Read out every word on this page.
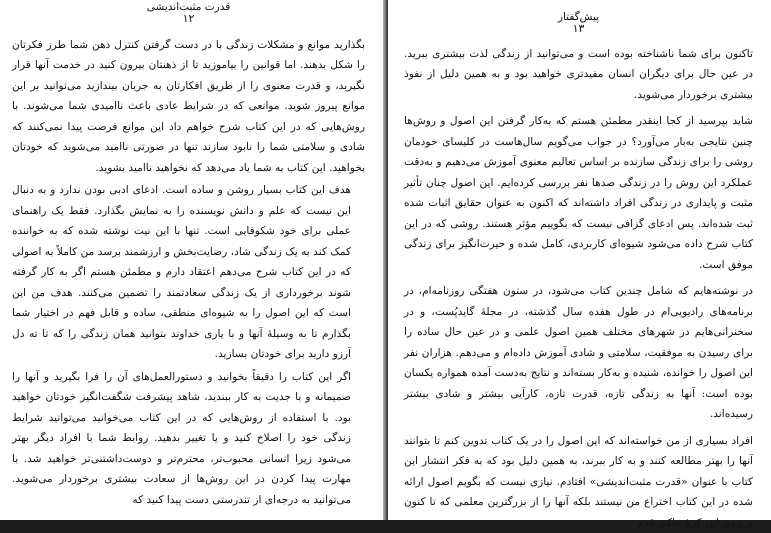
قدرت مثبت‌اندیشی
۱۲

بگذارید موانع و مشکلات زندگی با در دست گرفتن کنترل ذهن شما طرز فکرتان را شکل بدهند. اما قوانین را بیاموزید تا از ذهنتان بیرون کنید در خدمت آنها قرار نگیرید، و قدرت معنوی را از طریق افکارتان به جریان بیندازید می‌توانید بر این موانع پیروز شوید. موانعی که در شرایط عادی باعث ناامیدی شما می‌شوند. با روش‌هایی که در این کتاب شرح خواهم داد این موانع فرصت پیدا نمی‌کنند که شادی و سلامتی شما را نابود سازند تنها در صورتی ناامید می‌شوید که خودتان بخواهید. این کتاب به شما یاد می‌دهد که نخواهید ناامید بشوید.

هدف این کتاب بسیار روشن و ساده است. ادعای ادبی بودن ندارد و به دنبال این نیست که علم و دانش نویسنده را به نمایش بگذارد. فقط یک راهنمای عملی برای خود شکوفایی است. تنها با این نیت نوشته شده که به خواننده کمک کند به یک زندگی شاد، رضایت‌بخش و ارزشمند برسد من کاملاً به اصولی که در این کتاب شرح می‌دهم اعتقاد دارم و مطمئن هستم اگر به کار گرفته شوند برخورداری از یک زندگی سعادتمند را تضمین می‌کنند. هدف من این است که این اصول را به شیوه‌ای منطقی، ساده و قابل فهم در اختیار شما بگذارم تا به وسیلهٔ آنها و با یاری خداوند بتوانید همان زندگی را که تا ته دل آرزو دارید برای خودتان بسازید.

اگر این کتاب را دقیقاً بخوانید و دستورالعمل‌های آن را فرا بگیرید و آنها را صمیمانه و با جدیت به کار ببندید، شاهد پیشرفت شگفت‌انگیز خودتان خواهید بود. با استفاده از روش‌هایی که در این کتاب می‌خوانید می‌توانید شرایط زندگی خود را اصلاح کنید و یا تغییر بدهید. روابط شما با افراد دیگر بهتر می‌شود زیرا انسانی محبوب‌تر، محترم‌تر و دوست‌داشتنی‌تر خواهید شد. با مهارت پیدا کردن در این روش‌ها از سعادت بیشتری برخوردار می‌شوید. می‌توانید به درجه‌ای از تندرستی دست پیدا کنید که

پیش‌گفتار
۱۳

تاکنون برای شما ناشناخته بوده است و می‌توانید از زندگی لذت بیشتری ببرید. در عین حال برای دیگران انسان مفیدتری خواهید بود و به همین دلیل از نفوذ بیشتری برخوردار می‌شوید.

شاید بپرسید از کجا اینقدر مطمئن هستم که به‌کار گرفتن این اصول و روش‌ها چنین نتایجی به‌بار می‌آورد؟ در جواب می‌گویم سال‌هاست در کلیسای خودمان روشی را برای زندگی سازنده بر اساس تعالیم معنوی آموزش می‌دهیم و به‌دقت عملکرد این روش را در زندگی صدها نفر بررسی کرده‌ایم. این اصول چنان تأثیر مثبت و پایداری در زندگی افراد داشته‌اند که اکنون به عنوان حقایق اثبات شده ثبت شده‌اند. پس ادعای گزافی نیست که بگوییم مؤثر هستند. روشی که در این کتاب شرح داده می‌شود شیوه‌ای کاربردی، کامل شده و حیرت‌انگیز برای زندگی موفق است.

در نوشته‌هایم که شامل چندین کتاب می‌شود، در ستون هفتگی روزنامه‌ام، در برنامه‌های رادیویی‌ام در طول هفده سال گذشته، در مجلهٔ گایدپُست، و در سخنرانی‌هایم در شهرهای مختلف همین اصول علمی و در عین حال ساده را برای رسیدن به موفقیت، سلامتی و شادی آموزش داده‌ام و می‌دهم. هزاران نفر این اصول را خوانده، شنیده و به‌کار بسته‌اند و نتایج به‌دست آمده همواره یکسان بوده است: آنها به زندگی تازه، قدرت تازه، کارآیی بیشتر و شادی بیشتر رسیده‌اند.

افراد بسیاری از من خواسته‌اند که این اصول را در یک کتاب تدوین کنم تا بتوانند آنها را بهتر مطالعه کنند و به کار ببرند، به همین دلیل بود که به فکر انتشار این کتاب با عنوان «قدرت مثبت‌اندیشی» افتادم. نیازی نیست که بگویم اصول ارائه شده در این کتاب اختراع من نیستند بلکه آنها را از بزرگترین معلمی که تا کنون بر روی این کرهٔ خاکی قدم
